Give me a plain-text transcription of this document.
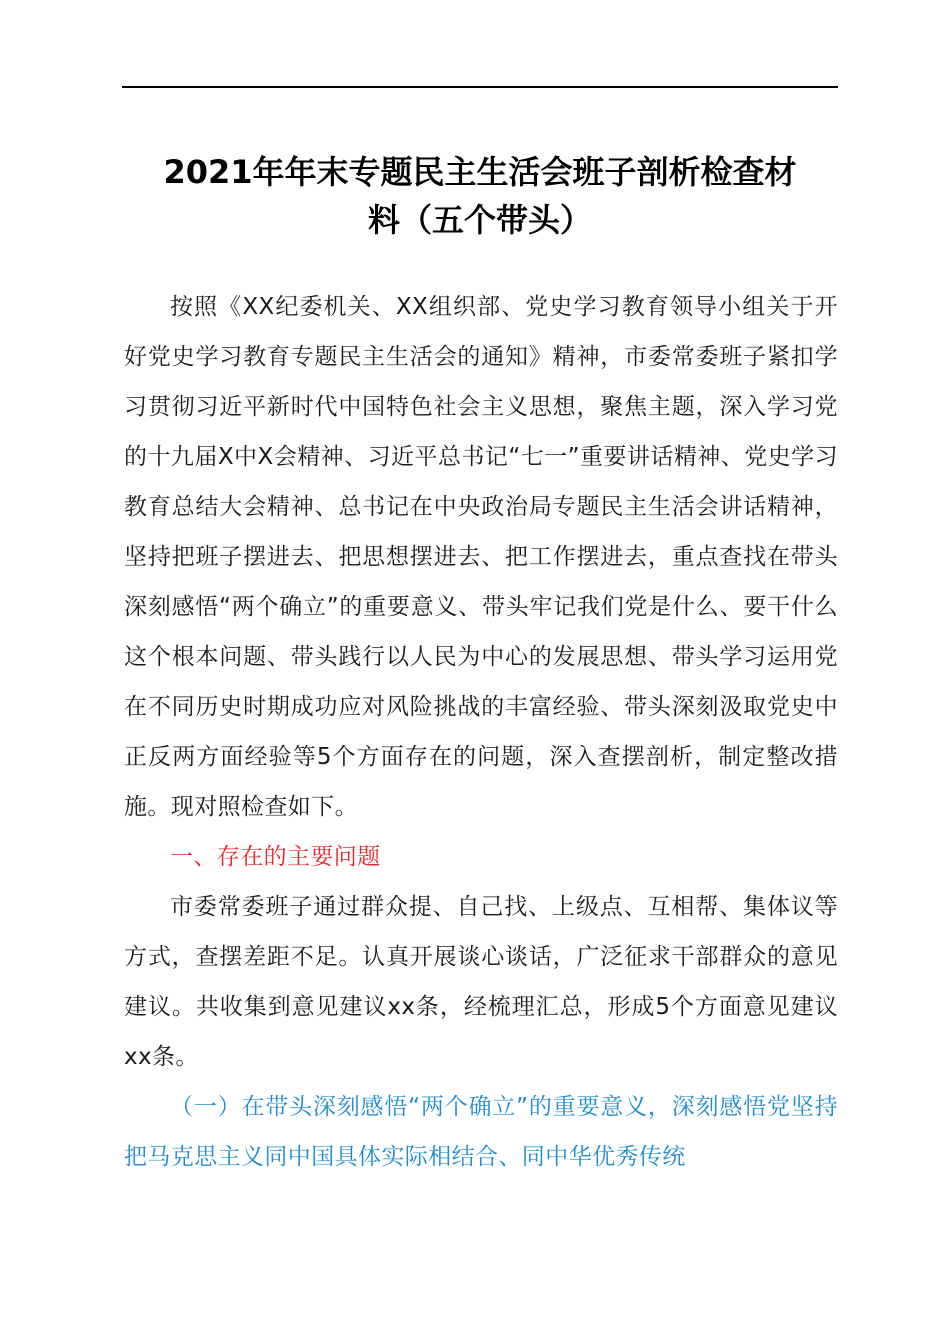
2021年年末专题民主生活会班子剖析检查材
料（五个带头）

按照《XX纪委机关、XX组织部、党史学习教育领导小组关于开好党史学习教育专题民主生活会的通知》精神，市委常委班子紧扣学习贯彻习近平新时代中国特色社会主义思想，聚焦主题，深入学习党的十九届X中X会精神、习近平总书记“七一”重要讲话精神、党史学习教育总结大会精神、总书记在中央政治局专题民主生活会讲话精神，坚持把班子摆进去、把思想摆进去、把工作摆进去，重点查找在带头深刻感悟“两个确立”的重要意义、带头牢记我们党是什么、要干什么这个根本问题、带头践行以人民为中心的发展思想、带头学习运用党在不同历史时期成功应对风险挑战的丰富经验、带头深刻汲取党史中正反两方面经验等5个方面存在的问题，深入查摆剖析，制定整改措施。现对照检查如下。

一、存在的主要问题

市委常委班子通过群众提、自己找、上级点、互相帮、集体议等方式，查摆差距不足。认真开展谈心谈话，广泛征求干部群众的意见建议。共收集到意见建议xx条，经梳理汇总，形成5个方面意见建议xx条。

（一）在带头深刻感悟“两个确立”的重要意义，深刻感悟党坚持把马克思主义同中国具体实际相结合、同中华优秀传统
